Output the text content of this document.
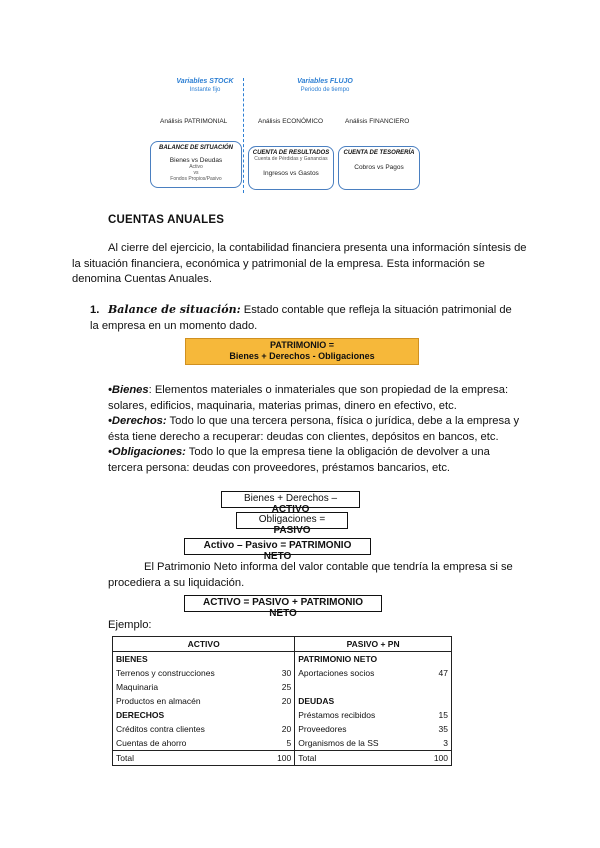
Variables STOCK
Instante fijo
Variables FLUJO
Periodo de tiempo
Análisis PATRIMONIAL	Análisis ECONÓMICO	Análisis FINANCIERO
BALANCE DE SITUACIÓN
Bienes vs Deudas
Activo
vs
Fondos Propios/Pasivo
CUENTA DE RESULTADOS
Cuenta de Pérdidas y Ganancias
Ingresos vs Gastos
CUENTA DE TESORERÍA
Cobros vs Pagos
CUENTAS ANUALES
Al cierre del ejercicio, la contabilidad financiera presenta una información síntesis de la situación financiera, económica y patrimonial de la empresa. Esta información se denomina Cuentas Anuales.
1. Balance de situación: Estado contable que refleja la situación patrimonial de la empresa en un momento dado.
PATRIMONIO =
Bienes + Derechos - Obligaciones
•Bienes: Elementos materiales o inmateriales que son propiedad de la empresa: solares, edificios, maquinaria, materias primas, dinero en efectivo, etc.
•Derechos: Todo lo que una tercera persona, física o jurídica, debe a la empresa y ésta tiene derecho a recuperar: deudas con clientes, depósitos en bancos, etc.
•Obligaciones: Todo lo que la empresa tiene la obligación de devolver a una tercera persona: deudas con proveedores, préstamos bancarios, etc.
Bienes + Derechos – ACTIVO
Obligaciones = PASIVO
Activo – Pasivo = PATRIMONIO NETO
El Patrimonio Neto informa del valor contable que tendría la empresa si se procediera a su liquidación.
ACTIVO = PASIVO + PATRIMONIO NETO
Ejemplo:
ACTIVO		PASIVO + PN	
BIENES		PATRIMONIO NETO	
Terrenos y construcciones	30	Aportaciones socios	47
Maquinaria	25		
Productos en almacén	20	DEUDAS	
DERECHOS		Préstamos recibidos	15
Créditos contra clientes	20	Proveedores	35
Cuentas de ahorro	5	Organismos de la SS	3
Total	100	Total	100
